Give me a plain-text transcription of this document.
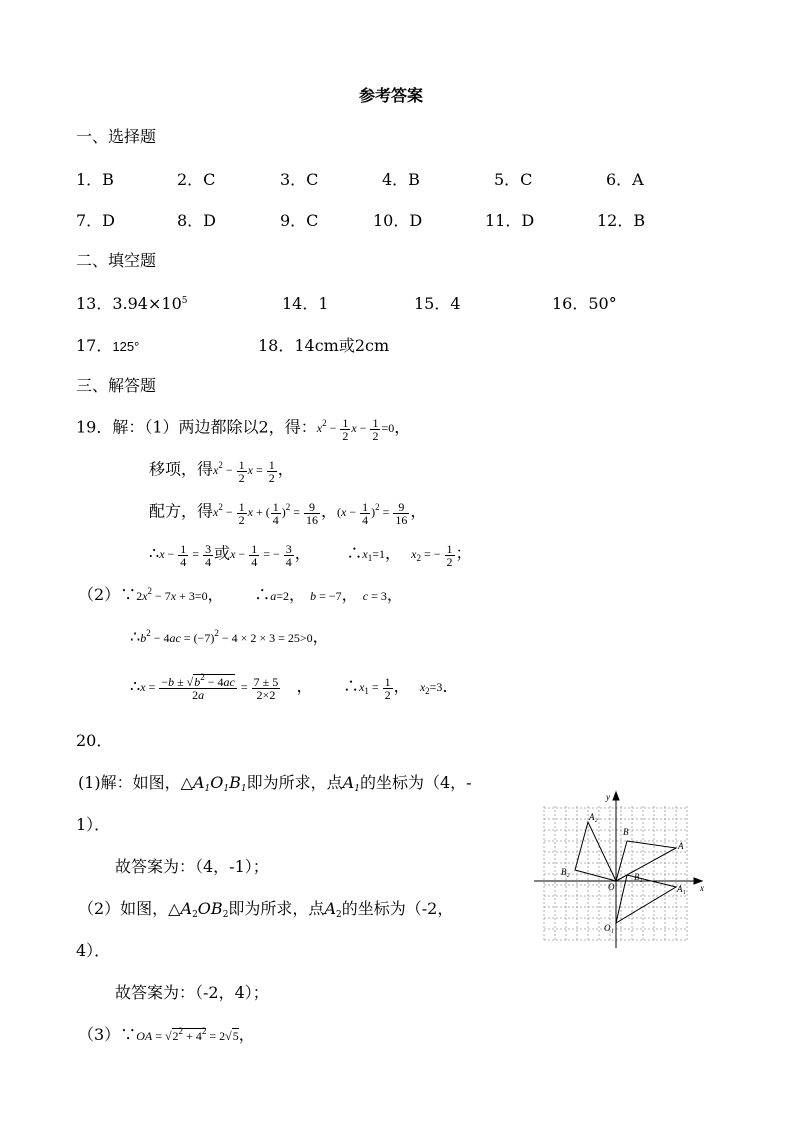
参考答案
一、选择题
1．B	2．C	3．C	4．B	5．C	6．A
7．D	8．D	9．C	10．D	11．D	12．B
二、填空题
13．$3.94\times 10^5$	14．1	15．4	16．50°
17．125°	18．14cm或2cm
三、解答题
19．解：（1）两边都除以2，得：$x^2 - \frac{1}{2}$ $x - \frac{1}{2} =0$，
移项，得$x^2 - \frac{1}{2}$ $x = \frac{1}{2}$ ，
配方，得$x^2 - \frac{1}{2}$ x + ( $\frac{1}{4} )^2 = \frac{9}{16}$ ，$(x - \frac{1}{4} )^2 = \frac{9}{16}$ ，
∴x − $\frac{1}{4} = \frac{3}{4}$ 或$x - \frac{1}{4}$ = − $\frac{3}{4}$ ，       $\therefore x_1=1$，  $x_2$ = − $\frac{1}{2}$ ；
$(2)\because 2x^2 - 7x + 3=0$，      ∴a=2， b = −7， c = 3，
$\therefore b^2 - 4ac = (-7)^2 - 4 \times 2 \times 3 = 25>0$，
∴x = $\frac{-b \pm √b^2 - 4ac}{2a} = \frac{7 \pm 5}{2\times 2}$ ，      $\therefore x_1 = \frac{1}{2}$ ，  $x_2=3$．
20．
(1)解：如图，$\triangle A_1O_1B_1$即为所求，点$A_1$的坐标为（4，-
1）．
故答案为：（4，-1）；
（2）如图，$\triangle A_2OB_2$即为所求，点$A_2$的坐标为（-2，
4）．
故答案为：（-2，4）；
（3）∵OA = $√2^2 + 4^2 = 2√5$，
y
x
O
A
B
A₁
B₁
O₁
A₂
B₂
